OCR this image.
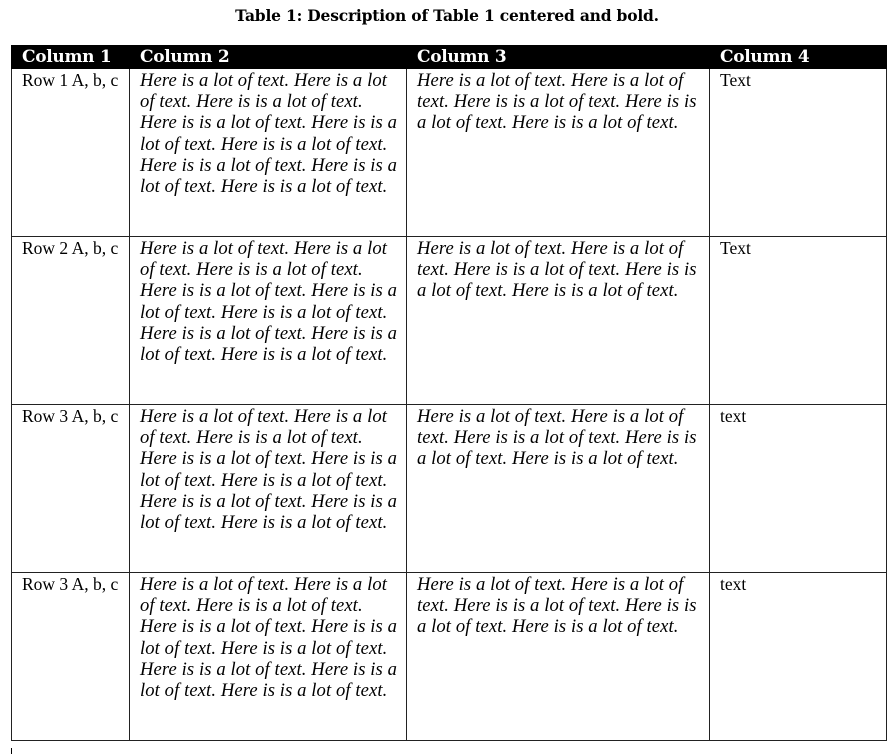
Table 1: Description of Table 1 centered and bold.
Column 1	Column 2	Column 3	Column 4
Row 1 A, b, c	Here is a lot of text. Here is a lot of text. Here is is a lot of text. Here is is a lot of text. Here is is a lot of text. Here is is a lot of text. Here is is a lot of text. Here is is a lot of text. Here is is a lot of text.	Here is a lot of text. Here is a lot of text. Here is is a lot of text. Here is is a lot of text. Here is is a lot of text.	Text
Row 2 A, b, c	Here is a lot of text. Here is a lot of text. Here is is a lot of text. Here is is a lot of text. Here is is a lot of text. Here is is a lot of text. Here is is a lot of text. Here is is a lot of text. Here is is a lot of text.	Here is a lot of text. Here is a lot of text. Here is is a lot of text. Here is is a lot of text. Here is is a lot of text.	Text
Row 3 A, b, c	Here is a lot of text. Here is a lot of text. Here is is a lot of text. Here is is a lot of text. Here is is a lot of text. Here is is a lot of text. Here is is a lot of text. Here is is a lot of text. Here is is a lot of text.	Here is a lot of text. Here is a lot of text. Here is is a lot of text. Here is is a lot of text. Here is is a lot of text.	text
Row 3 A, b, c	Here is a lot of text. Here is a lot of text. Here is is a lot of text. Here is is a lot of text. Here is is a lot of text. Here is is a lot of text. Here is is a lot of text. Here is is a lot of text. Here is is a lot of text.	Here is a lot of text. Here is a lot of text. Here is is a lot of text. Here is is a lot of text. Here is is a lot of text.	text
